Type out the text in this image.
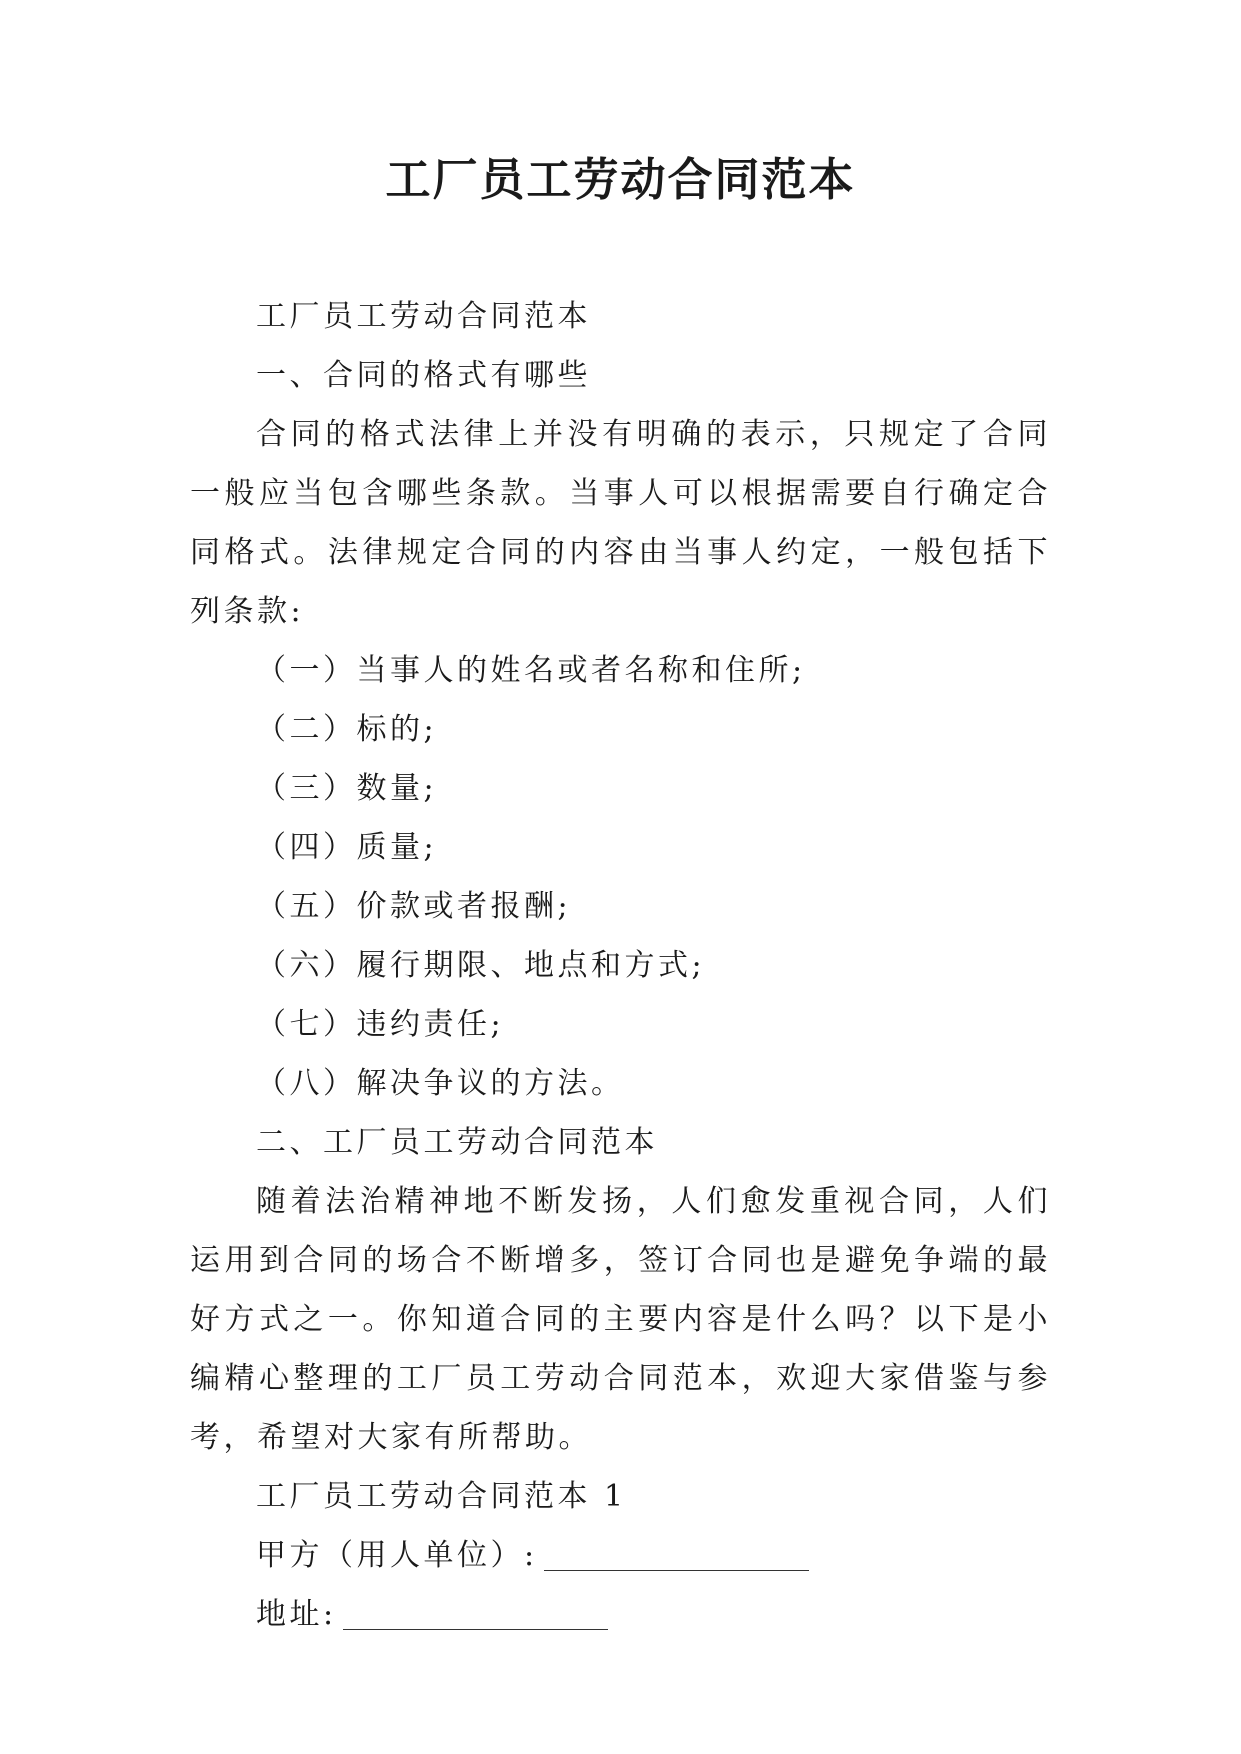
工厂员工劳动合同范本

工厂员工劳动合同范本

一、合同的格式有哪些

合同的格式法律上并没有明确的表示，只规定了合同一般应当包含哪些条款。当事人可以根据需要自行确定合同格式。法律规定合同的内容由当事人约定，一般包括下列条款:

（一）当事人的姓名或者名称和住所;

（二）标的;

（三）数量;

（四）质量;

（五）价款或者报酬;

（六）履行期限、地点和方式;

（七）违约责任;

（八）解决争议的方法。

二、工厂员工劳动合同范本

随着法治精神地不断发扬，人们愈发重视合同，人们运用到合同的场合不断增多，签订合同也是避免争端的最好方式之一。你知道合同的主要内容是什么吗？以下是小编精心整理的工厂员工劳动合同范本，欢迎大家借鉴与参考，希望对大家有所帮助。

工厂员工劳动合同范本 1

甲方（用人单位）:

地址:
